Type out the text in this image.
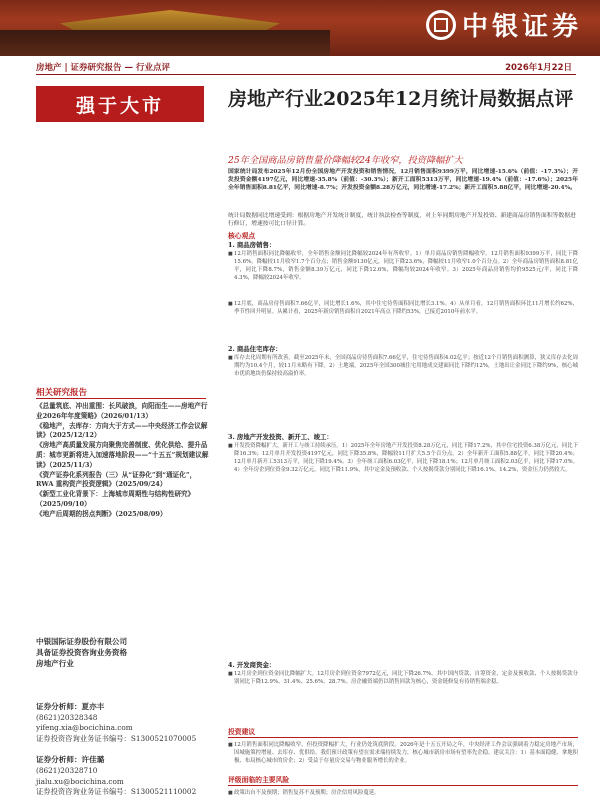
中银证券
房地产 | 证券研究报告 — 行业点评	2026年1月22日
强于大市
相关研究报告
《总量筑底、冲出重围：长风破浪，向阳而生——房地产行业2026年年度策略》（2026/01/13）
《稳地产，去库存：方向大于方式——中央经济工作会议解读》（2025/12/12）
《房地产高质量发展方向聚焦完善制度、优化供给、提升品质：城市更新将进入加速落地阶段——“十五五”规划建议解读》（2025/11/3）
《资产证券化系列报告（三）从“证券化”到“通证化”，RWA 重构资产投资逻辑》（2025/09/24）
《新型工业化背景下：上海城市周期性与结构性研究》（2025/09/10）
《地产后周期的拐点判断》（2025/08/09）
中银国际证券股份有限公司
具备证券投资咨询业务资格
房地产行业
证券分析师：夏亦丰
(8621)20328348
yifeng.xia@bocichina.com
证券投资咨询业务证书编号：S1300521070005
证券分析师：许佳璐
(8621)20328710
jialu.xu@bocichina.com
证券投资咨询业务证书编号：S1300521110002
房地产行业2025年12月统计局数据点评
25年全国商品房销售量价降幅较24年收窄，投资降幅扩大
国家统计局发布2025年12月份全国房地产开发投资和销售情况，12月销售面积9399万平，同比增速-15.6%（前值：-17.3%）；开发投资金额4197亿元，同比增速-35.8%（前值：-30.3%）；新开工面积5313万平，同比增速-19.4%（前值：-17.6%）；2025年全年销售面积8.81亿平，同比增速-8.7%；开发投资金额8.28万亿元，同比增速-17.2%；新开工面积5.88亿平，同比增速-20.4%。
统计局数据同比增速受到：根据房地产开发统计制度，统计执法检查等制度，对上年同期房地产开发投资、新建商品房销售面积等数据进行修订，增速按可比口径计算。
核心观点
1. 商品房销售：
■ 12月销售面积同比降幅收窄，全年销售金额同比降幅较2024年有所收窄。1）单月商品房销售降幅收窄。12月销售面积9399万平，同比下降15.6%，降幅较11月收窄1.7个百分点；销售金额9130亿元，同比下降23.6%，降幅较11月收窄1.0个百分点。2）全年商品房销售面积8.81亿平，同比下降8.7%，销售金额8.39万亿元，同比下降12.6%，降幅均较2024年收窄。3）2025年商品房销售均价9525元/平，同比下降4.3%，降幅较2024年收窄。
■ 12月底，商品房待售面积7.66亿平，同比增长1.6%，其中住宅待售面积同比增长3.1%。4）从单月看，12月销售面积环比11月增长约62%，季节性回升明显。从累计看，2025年新房销售面积自2021年高点下降约53%，已接近2010年前水平。
2. 商品住宅库存：
■ 库存去化周期有所改善。截至2025年末，全国商品房待售面积7.66亿平，住宅待售面积4.02亿平；按近12个月销售面积测算，狭义库存去化周期约为10.4个月，较11月末略有下降。2）土地端，2025年全国300城住宅用地成交建面同比下降约12%，土地出让金同比下降约9%，核心城市优质地块仍保持较高溢价率。
3. 房地产开发投资、新开工、竣工：
■ 开发投资降幅扩大，新开工与竣工持续承压。1）2025年全年房地产开发投资8.28万亿元，同比下降17.2%，其中住宅投资6.38万亿元，同比下降16.3%；12月单月开发投资4197亿元，同比下降35.8%，降幅较11月扩大5.5个百分点。2）全年新开工面积5.88亿平，同比下降20.4%；12月单月新开工5313万平，同比下降19.4%。3）全年竣工面积6.03亿平，同比下降18.1%；12月单月竣工面积2.03亿平，同比下降17.0%。4）全年房企到位资金9.32万亿元，同比下降11.9%，其中定金及预收款、个人按揭贷款分别同比下降16.1%、14.2%，资金压力仍然较大。
4. 开发商资金：
■ 12月房企到位资金同比降幅扩大。12月房企到位资金7972亿元，同比下降26.7%，其中国内贷款、自筹资金、定金及预收款、个人按揭贷款分别同比下降12.9%、31.4%、25.6%、28.7%。房企融资端仍以销售回款为核心，资金链修复有待销售端企稳。
投资建议
■ 12月销售面积同比降幅收窄，但投资降幅扩大，行业仍处筑底阶段。2026年是十五五开局之年，中央经济工作会议强调着力稳定房地产市场，因城施策控增量、去库存、优供给。我们预计政策有望在需求端持续发力，核心城市新房市场有望率先企稳。建议关注：1）基本面稳健、拿地积极、布局核心城市的房企；2）受益于存量房交易与物业服务增长的企业。
评级面临的主要风险
■ 政策出台不及预期；销售复苏不及预期；房企信用风险蔓延。
